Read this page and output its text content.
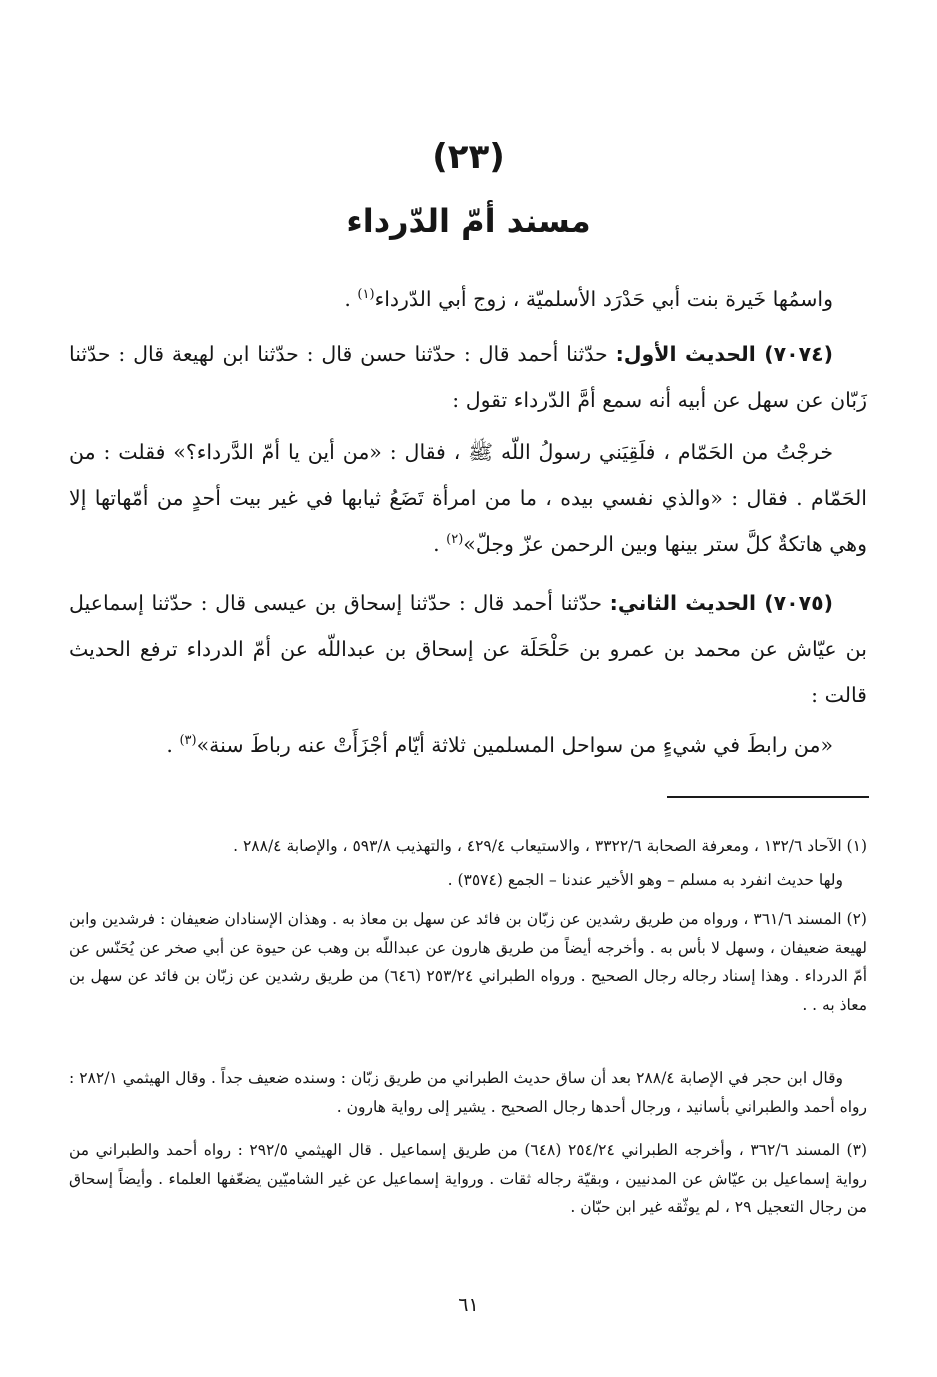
(٢٣)
مسند أمّ الدّرداء

واسمُها خَيرة بنت أبي حَدْرَد الأسلميّة ، زوج أبي الدّرداء$^{(١)}$ .

(٧٠٧٤) الحديث الأول: حدّثنا أحمد قال : حدّثنا حسن قال : حدّثنا ابن لهيعة قال : حدّثنا زَبّان عن سهل عن أبيه أنه سمع أمَّ الدّرداء تقول :

خرجْتُ من الحَمّام ، فلَقِيَني رسولُ اللّه ﷺ ، فقال : «من أين يا أمّ الدَّرداء؟» فقلت : من الحَمّام . فقال : «والذي نفسي بيده ، ما من امرأة تَضَعُ ثيابها في غير بيت أحدٍ من أمّهاتها إلا وهي هاتكةٌ كلَّ ستر بينها وبين الرحمن عزّ وجلّ»$^{(٢)}$ .

(٧٠٧٥) الحديث الثاني: حدّثنا أحمد قال : حدّثنا إسحاق بن عيسى قال : حدّثنا إسماعيل بن عيّاش عن محمد بن عمرو بن حَلْحَلَة عن إسحاق بن عبداللّه عن أمّ الدرداء ترفع الحديث قالت :

«من رابطَ في شيءٍ من سواحل المسلمين ثلاثة أيّام أجْزَأَتْ عنه رباطَ سنة»$^{(٣)}$ .

(١) الآحاد ١٣٢/٦ ، ومعرفة الصحابة ٣٣٢٢/٦ ، والاستيعاب ٤٢٩/٤ ، والتهذيب ٥٩٣/٨ ، والإصابة ٢٨٨/٤ .

ولها حديث انفرد به مسلم – وهو الأخير عندنا – الجمع (٣٥٧٤) .

(٢) المسند ٣٦١/٦ ، ورواه من طريق رشدين عن زبّان بن فائد عن سهل بن معاذ به . وهذان الإسنادان ضعيفان : فرشدين وابن لهيعة ضعيفان ، وسهل لا بأس به . وأخرجه أيضاً من طريق هارون عن عبداللّه بن وهب عن حيوة عن أبي صخر عن يُحَنّس عن أمّ الدرداء . وهذا إسناد رجاله رجال الصحيح . ورواه الطبراني ٢٥٣/٢٤ (٦٤٦) من طريق رشدين عن زبّان بن فائد عن سهل بن معاذ به . .

وقال ابن حجر في الإصابة ٢٨٨/٤ بعد أن ساق حديث الطبراني من طريق زبّان : وسنده ضعيف جداً . وقال الهيثمي ٢٨٢/١ : رواه أحمد والطبراني بأسانيد ، ورجال أحدها رجال الصحيح . يشير إلى رواية هارون .

(٣) المسند ٣٦٢/٦ ، وأخرجه الطبراني ٢٥٤/٢٤ (٦٤٨) من طريق إسماعيل . قال الهيثمي ٢٩٢/٥ : رواه أحمد والطبراني من رواية إسماعيل بن عيّاش عن المدنيين ، وبقيّة رجاله ثقات . ورواية إسماعيل عن غير الشاميّين يضعّفها العلماء . وأيضاً إسحاق من رجال التعجيل ٢٩ ، لم يوثّقه غير ابن حبّان .

٦١
